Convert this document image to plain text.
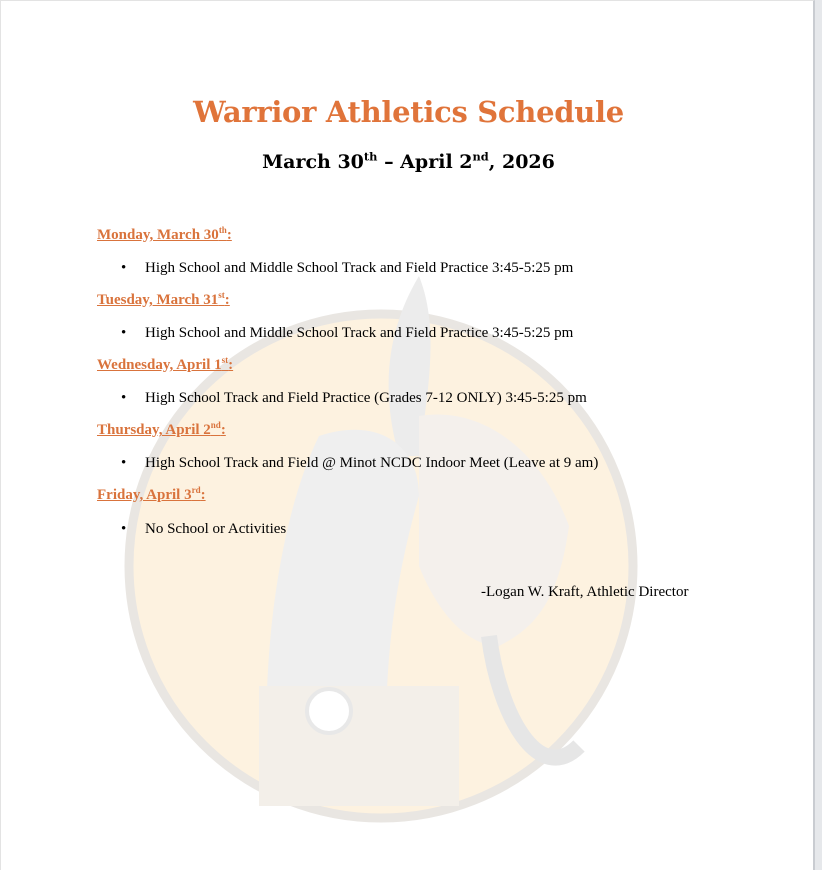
Warrior Athletics Schedule
March 30th – April 2nd, 2026
Monday, March 30th:
• High School and Middle School Track and Field Practice 3:45-5:25 pm
Tuesday, March 31st:
• High School and Middle School Track and Field Practice 3:45-5:25 pm
Wednesday, April 1st:
• High School Track and Field Practice (Grades 7-12 ONLY) 3:45-5:25 pm
Thursday, April 2nd:
• High School Track and Field @ Minot NCDC Indoor Meet (Leave at 9 am)
Friday, April 3rd:
• No School or Activities
-Logan W. Kraft, Athletic Director
